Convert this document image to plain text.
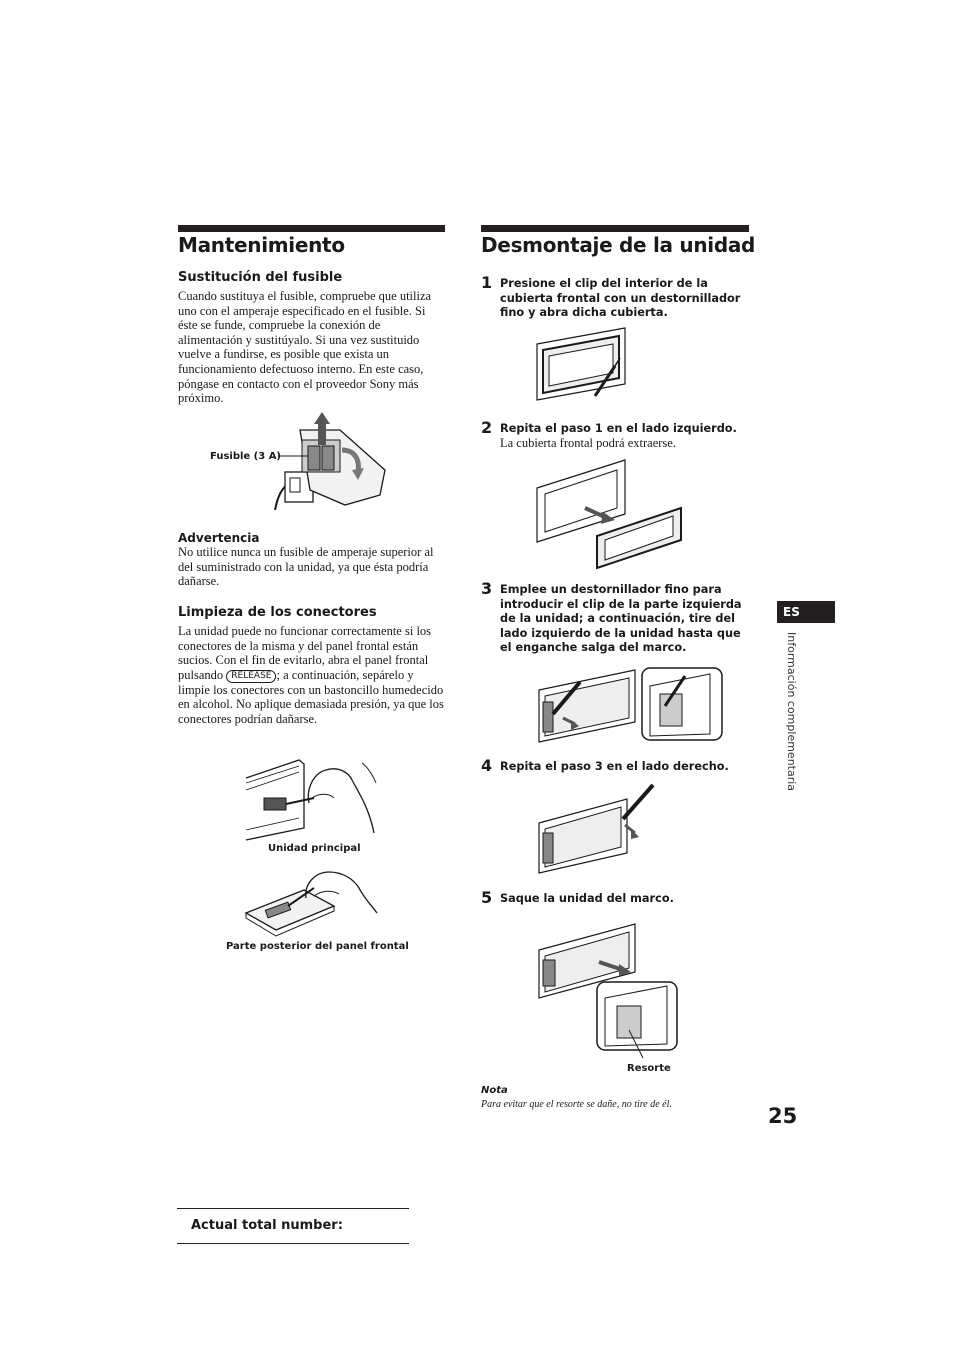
Mantenimiento
Sustitución del fusible

Cuando sustituya el fusible, compruebe que utiliza uno con el amperaje especificado en el fusible. Si éste se funde, compruebe la conexión de alimentación y sustitúyalo. Si una vez sustituido vuelve a fundirse, es posible que exista un funcionamiento defectuoso interno. En este caso, póngase en contacto con el proveedor Sony más próximo.

Fusible (3 A)
Advertencia

No utilice nunca un fusible de amperaje superior al del suministrado con la unidad, ya que ésta podría dañarse.

Limpieza de los conectores

La unidad puede no funcionar correctamente si los conectores de la misma y del panel frontal están sucios. Con el fin de evitarlo, abra el panel frontal pulsando RELEASE ; a continuación, sepárelo y limpie los conectores con un bastoncillo humedecido en alcohol. No aplique demasiada presión, ya que los conectores podrían dañarse.

Unidad principal
Parte posterior del panel frontal
Desmontaje de la unidad
1 Presione el clip del interior de la cubierta frontal con un destornillador fino y abra dicha cubierta.

2 Repita el paso 1 en el lado izquierdo.

La cubierta frontal podrá extraerse.
3 Emplee un destornillador fino para introducir el clip de la parte izquierda de la unidad; a continuación, tire del lado izquierdo de la unidad hasta que el enganche salga del marco.

4 Repita el paso 3 en el lado derecho.

5 Saque la unidad del marco.

Resorte
Nota
Para evitar que el resorte se dañe, no tire de él.
ES
Información complementaria
25
Actual total number:
